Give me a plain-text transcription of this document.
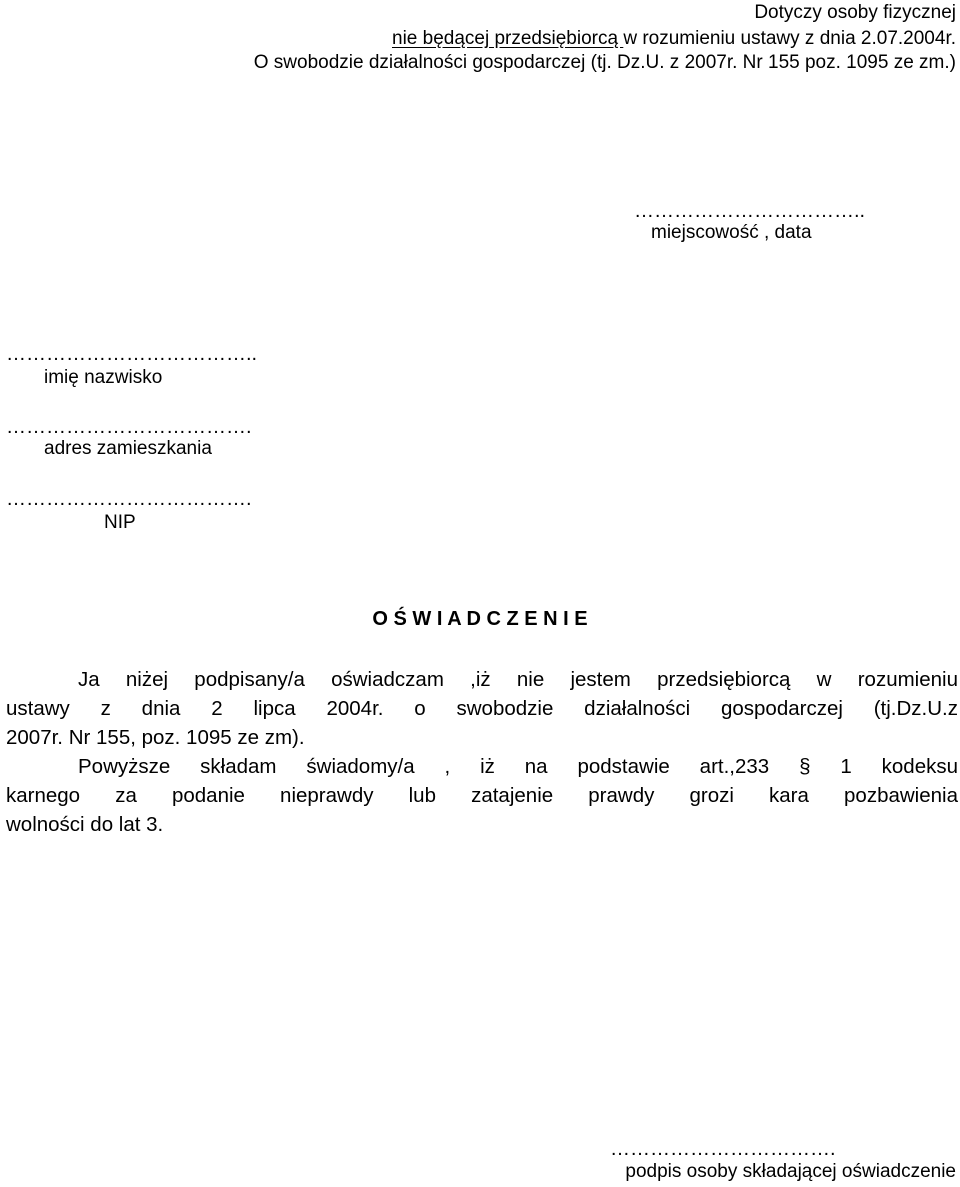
Dotyczy osoby fizycznej
nie będącej przedsiębiorcą w rozumieniu ustawy z dnia 2.07.2004r.
O swobodzie działalności gospodarczej (tj. Dz.U. z 2007r. Nr 155 poz. 1095 ze zm.)
……………………………..
miejscowość , data
………………………………..
imię nazwisko
……………………………….
adres zamieszkania
……………………………….
NIP
O Ś W I A D C Z E N I E
Ja niżej podpisany/a oświadczam ,iż nie jestem przedsiębiorcą w rozumieniu
ustawy z dnia 2 lipca 2004r. o swobodzie działalności gospodarczej (tj.Dz.U.z
2007r. Nr 155, poz. 1095 ze zm).
Powyższe składam świadomy/a , iż na podstawie art.,233 § 1 kodeksu
karnego za podanie nieprawdy lub zatajenie prawdy grozi kara pozbawienia
wolności do lat 3.
…………………………….
podpis osoby składającej oświadczenie
